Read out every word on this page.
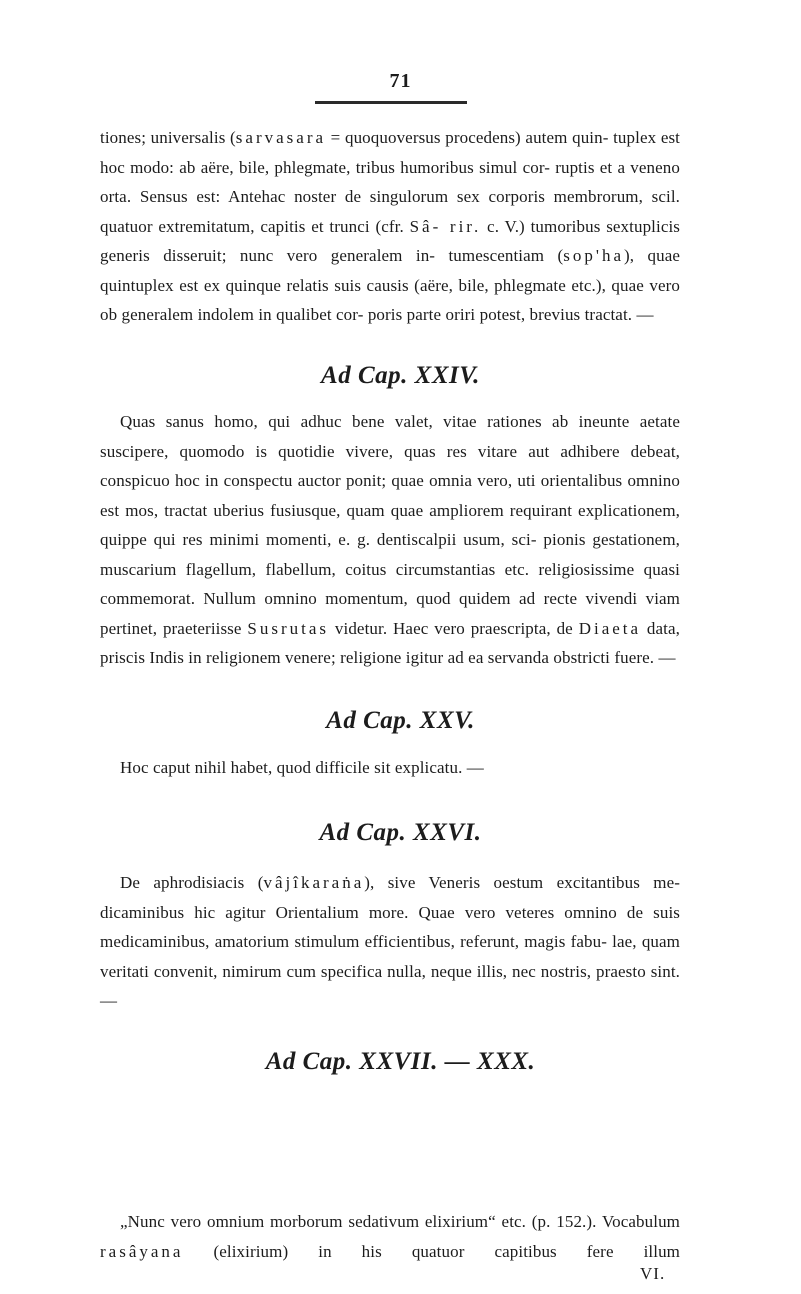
71

tiones; universalis (sarvasara = quoquoversus procedens) autem quin- tuplex est hoc modo: ab aëre, bile, phlegmate, tribus humoribus simul cor- ruptis et a veneno orta. Sensus est: Antehac noster de singulorum sex corporis membrorum, scil. quatuor extremitatum, capitis et trunci (cfr. Sâ- rir. c. V.) tumoribus sextuplicis generis disseruit; nunc vero generalem in- tumescentiam (sop'ha), quae quintuplex est ex quinque relatis suis causis (aëre, bile, phlegmate etc.), quae vero ob generalem indolem in qualibet cor- poris parte oriri potest, brevius tractat. —

Ad Cap. XXIV.

Quas sanus homo, qui adhuc bene valet, vitae rationes ab ineunte aetate suscipere, quomodo is quotidie vivere, quas res vitare aut adhibere debeat, conspicuo hoc in conspectu auctor ponit; quae omnia vero, uti orientalibus omnino est mos, tractat uberius fusiusque, quam quae ampliorem requirant explicationem, quippe qui res minimi momenti, e. g. dentiscalpii usum, sci- pionis gestationem, muscarium flagellum, flabellum, coitus circumstantias etc. religiosissime quasi commemorat. Nullum omnino momentum, quod quidem ad recte vivendi viam pertinet, praeteriisse Susrutas videtur. Haec vero praescripta, de Diaeta data, priscis Indis in religionem venere; religione igitur ad ea servanda obstricti fuere. —

Ad Cap. XXV.

Hoc caput nihil habet, quod difficile sit explicatu. —

Ad Cap. XXVI.

De aphrodisiacis (vâjîkaraṅa), sive Veneris oestum excitantibus me- dicaminibus hic agitur Orientalium more. Quae vero veteres omnino de suis medicaminibus, amatorium stimulum efficientibus, referunt, magis fabu- lae, quam veritati convenit, nimirum cum specifica nulla, neque illis, nec nostris, praesto sint. —

Ad Cap. XXVII. — XXX.

„Nunc vero omnium morborum sedativum elixirium“ etc. (p. 152.). Vocabulum rasâyana (elixirium) in his quatuor capitibus fere illum

VI.
